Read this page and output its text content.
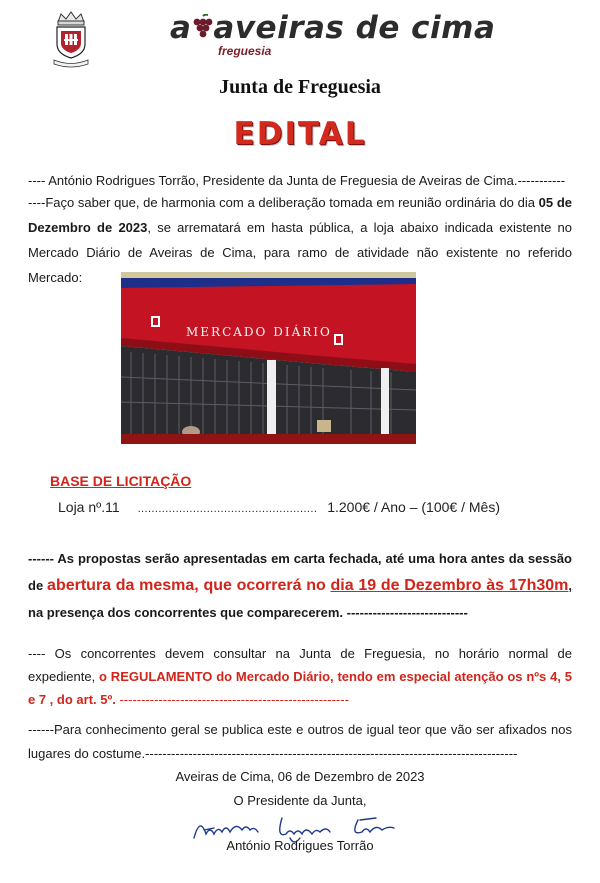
a aveiras de cima
freguesia
Junta de Freguesia
EDITAL
---- António Rodrigues Torrão, Presidente da Junta de Freguesia de Aveiras de Cima.-----------
----Faço saber que, de harmonia com a deliberação tomada em reunião ordinária do dia 05 de Dezembro de 2023, se arrematará em hasta pública, a loja abaixo indicada existente no Mercado Diário de Aveiras de Cima, para ramo de atividade não existente no referido Mercado:
MERCADO DIÁRIO
BASE DE LICITAÇÃO
Loja nº.11 .................................................... 1.200€ / Ano – (100€ / Mês)
------ As propostas serão apresentadas em carta fechada, até uma hora antes da sessão de abertura da mesma, que ocorrerá no dia 19 de Dezembro às 17h30m, na presença dos concorrentes que comparecerem. ----------------------------
---- Os concorrentes devem consultar na Junta de Freguesia, no horário normal de expediente, o REGULAMENTO do Mercado Diário, tendo em especial atenção os nºs 4, 5 e 7 , do art. 5º. -----------------------------------------------------
------Para conhecimento geral se publica este e outros de igual teor que vão ser afixados nos lugares do costume.--------------------------------------------------------------------------------------
Aveiras de Cima, 06 de Dezembro de 2023
O Presidente da Junta,
António Rodrigues Torrão
